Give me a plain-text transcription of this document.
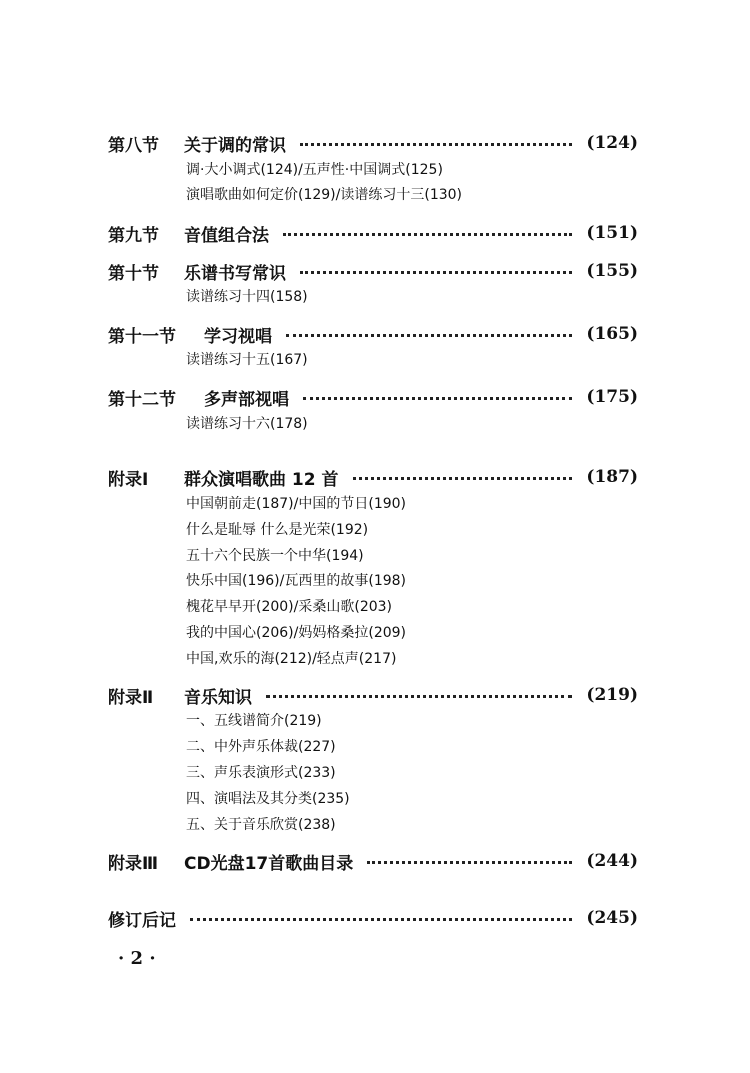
第八节	关于调的常识	(124)
调·大小调式(124)/五声性·中国调式(125)
演唱歌曲如何定价(129)/读谱练习十三(130)
第九节	音值组合法	(151)
第十节	乐谱书写常识	(155)
读谱练习十四(158)
第十一节	学习视唱	(165)
读谱练习十五(167)
第十二节	多声部视唱	(175)
读谱练习十六(178)
附录Ⅰ	群众演唱歌曲 12 首	(187)
中国朝前走(187)/中国的节日(190)
什么是耻辱 什么是光荣(192)
五十六个民族一个中华(194)
快乐中国(196)/瓦西里的故事(198)
槐花早早开(200)/采桑山歌(203)
我的中国心(206)/妈妈格桑拉(209)
中国,欢乐的海(212)/轻点声(217)
附录Ⅱ	音乐知识	(219)
一、五线谱简介(219)
二、中外声乐体裁(227)
三、声乐表演形式(233)
四、演唱法及其分类(235)
五、关于音乐欣赏(238)
附录Ⅲ	CD光盘17首歌曲目录	(244)
修订后记	(245)
· 2 ·
